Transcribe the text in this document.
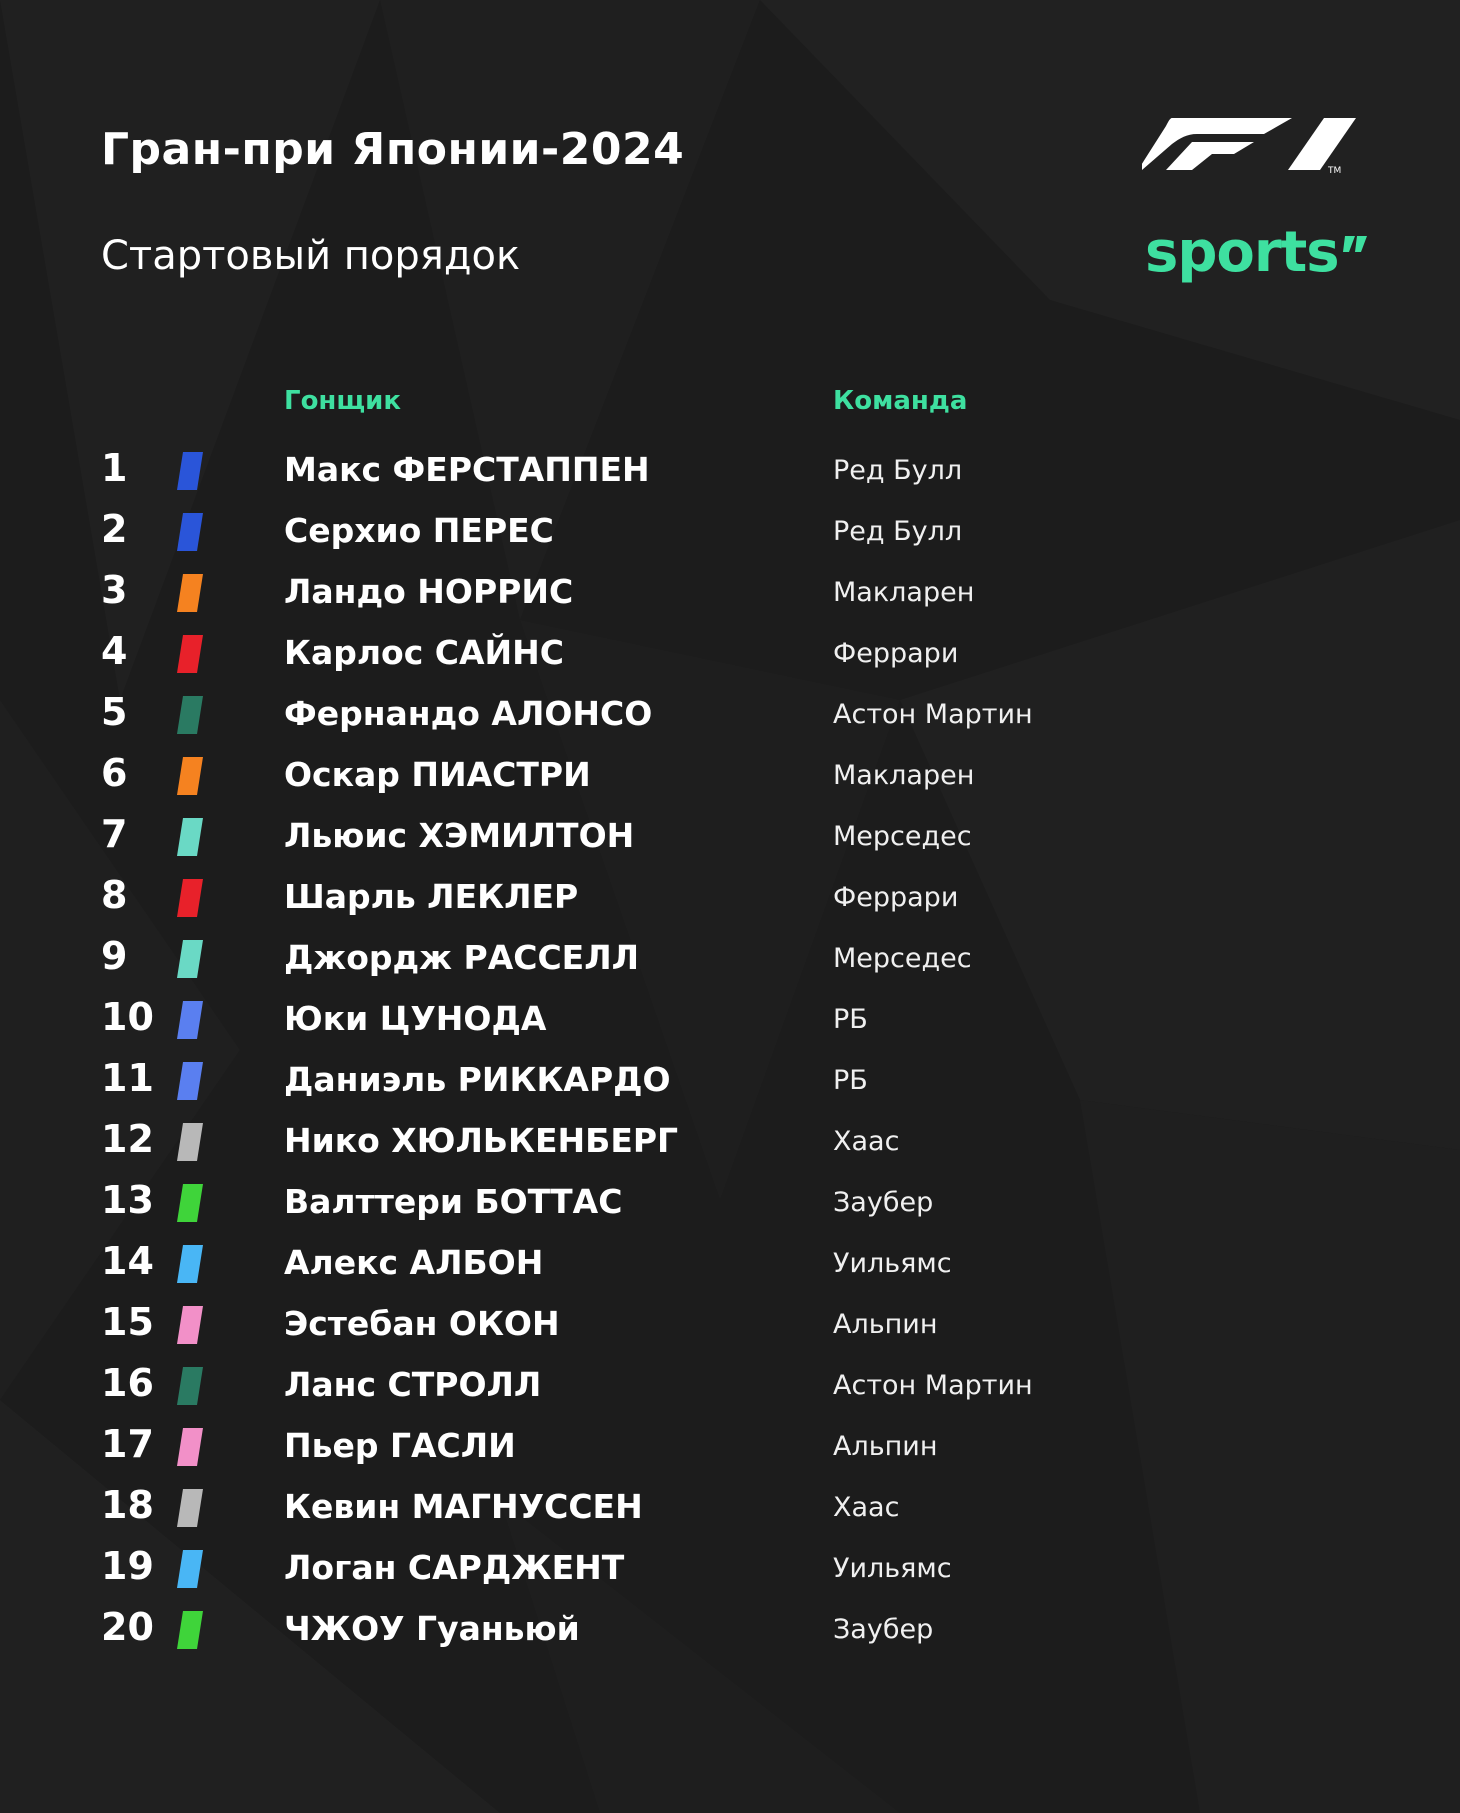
Гран-при Японии-2024
Стартовый порядок
TM
sports
Гонщик	Команда
1	Макс ФЕРСТАППЕН	Ред Булл
2	Серхио ПЕРЕС	Ред Булл
3	Ландо НОРРИС	Макларен
4	Карлос САЙНС	Феррари
5	Фернандо АЛОНСО	Астон Мартин
6	Оскар ПИАСТРИ	Макларен
7	Льюис ХЭМИЛТОН	Мерседес
8	Шарль ЛЕКЛЕР	Феррари
9	Джордж РАССЕЛЛ	Мерседес
10	Юки ЦУНОДА	РБ
11	Даниэль РИККАРДО	РБ
12	Нико ХЮЛЬКЕНБЕРГ	Хаас
13	Валттери БОТТАС	Заубер
14	Алекс АЛБОН	Уильямс
15	Эстебан ОКОН	Альпин
16	Ланс СТРОЛЛ	Астон Мартин
17	Пьер ГАСЛИ	Альпин
18	Кевин МАГНУССЕН	Хаас
19	Логан САРДЖЕНТ	Уильямс
20	ЧЖОУ Гуаньюй	Заубер
